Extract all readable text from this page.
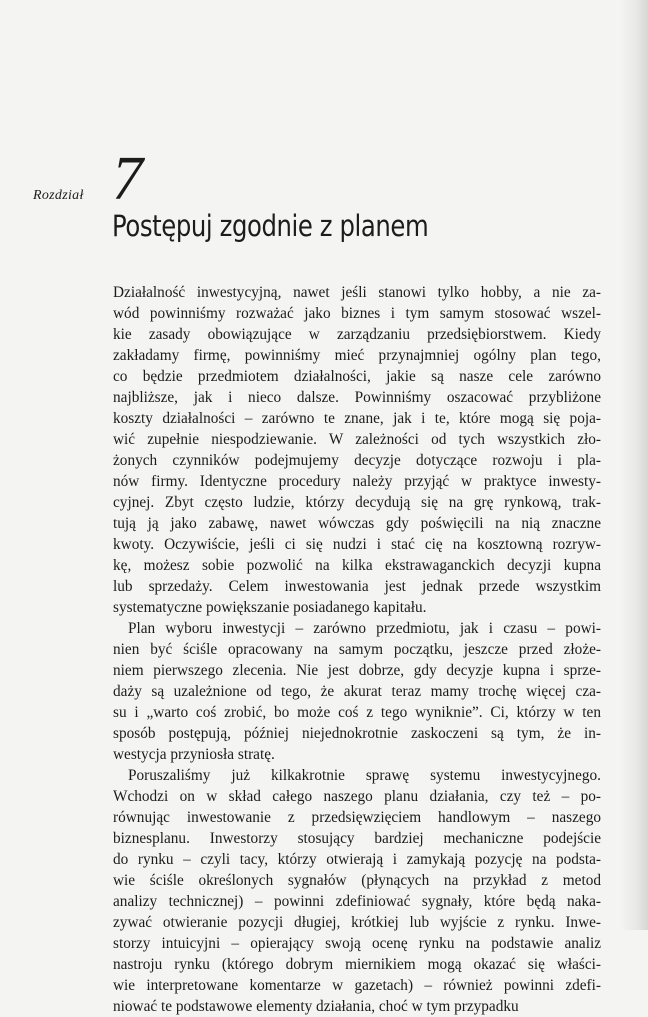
Rozdział 7
Postępuj zgodnie z planem
Działalność inwestycyjną, nawet jeśli stanowi tylko hobby, a nie za-
wód powinniśmy rozważać jako biznes i tym samym stosować wszel-
kie zasady obowiązujące w zarządzaniu przedsiębiorstwem. Kiedy
zakładamy firmę, powinniśmy mieć przynajmniej ogólny plan tego,
co będzie przedmiotem działalności, jakie są nasze cele zarówno
najbliższe, jak i nieco dalsze. Powinniśmy oszacować przybliżone
koszty działalności – zarówno te znane, jak i te, które mogą się poja-
wić zupełnie niespodziewanie. W zależności od tych wszystkich zło-
żonych czynników podejmujemy decyzje dotyczące rozwoju i pla-
nów firmy. Identyczne procedury należy przyjąć w praktyce inwesty-
cyjnej. Zbyt często ludzie, którzy decydują się na grę rynkową, trak-
tują ją jako zabawę, nawet wówczas gdy poświęcili na nią znaczne
kwoty. Oczywiście, jeśli ci się nudzi i stać cię na kosztowną rozryw-
kę, możesz sobie pozwolić na kilka ekstrawaganckich decyzji kupna
lub sprzedaży. Celem inwestowania jest jednak przede wszystkim
systematyczne powiększanie posiadanego kapitału.
Plan wyboru inwestycji – zarówno przedmiotu, jak i czasu – powi-
nien być ściśle opracowany na samym początku, jeszcze przed złoże-
niem pierwszego zlecenia. Nie jest dobrze, gdy decyzje kupna i sprze-
daży są uzależnione od tego, że akurat teraz mamy trochę więcej cza-
su i „warto coś zrobić, bo może coś z tego wyniknie”. Ci, którzy w ten
sposób postępują, później niejednokrotnie zaskoczeni są tym, że in-
westycja przyniosła stratę.
Poruszaliśmy już kilkakrotnie sprawę systemu inwestycyjnego.
Wchodzi on w skład całego naszego planu działania, czy też – po-
równując inwestowanie z przedsięwzięciem handlowym – naszego
biznesplanu. Inwestorzy stosujący bardziej mechaniczne podejście
do rynku – czyli tacy, którzy otwierają i zamykają pozycję na podsta-
wie ściśle określonych sygnałów (płynących na przykład z metod
analizy technicznej) – powinni zdefiniować sygnały, które będą naka-
zywać otwieranie pozycji długiej, krótkiej lub wyjście z rynku. Inwe-
storzy intuicyjni – opierający swoją ocenę rynku na podstawie analiz
nastroju rynku (którego dobrym miernikiem mogą okazać się właści-
wie interpretowane komentarze w gazetach) – również powinni zdefi-
niować te podstawowe elementy działania, choć w tym przypadku
